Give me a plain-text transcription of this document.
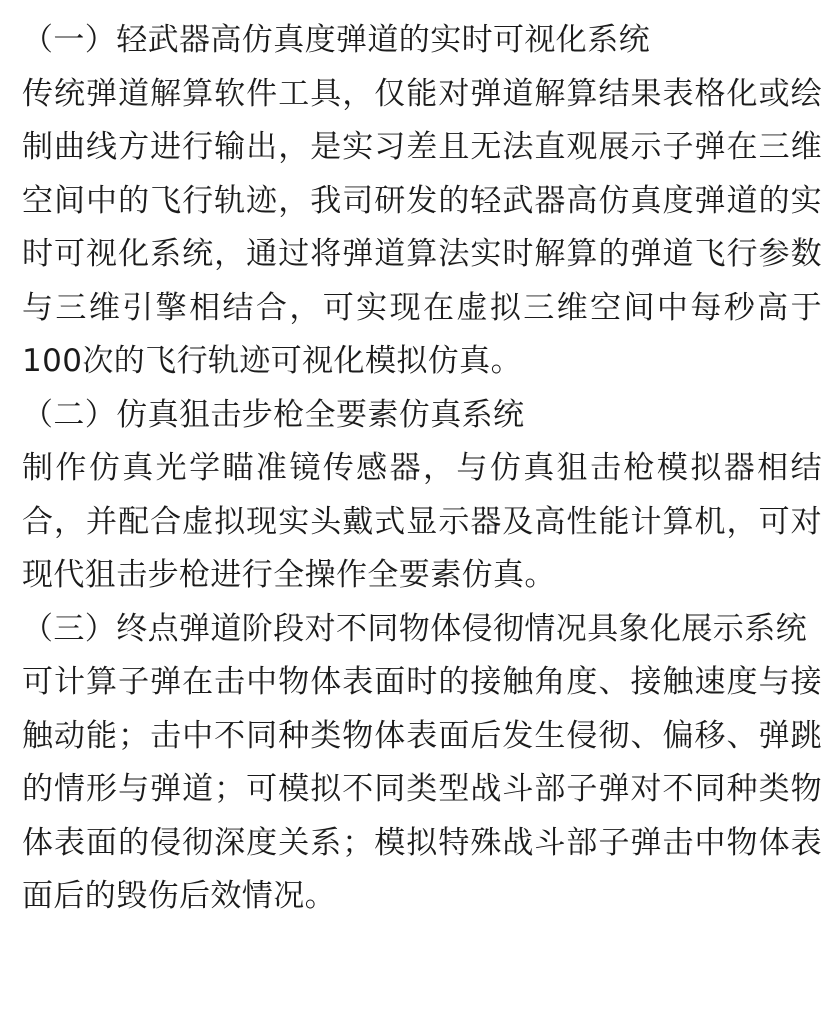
（一）轻武器高仿真度弹道的实时可视化系统

传统弹道解算软件工具，仅能对弹道解算结果表格化或绘制曲线方进行输出，是实习差且无法直观展示子弹在三维空间中的飞行轨迹，我司研发的轻武器高仿真度弹道的实时可视化系统，通过将弹道算法实时解算的弹道飞行参数与三维引擎相结合，可实现在虚拟三维空间中每秒高于100次的飞行轨迹可视化模拟仿真。

（二）仿真狙击步枪全要素仿真系统

制作仿真光学瞄准镜传感器，与仿真狙击枪模拟器相结合，并配合虚拟现实头戴式显示器及高性能计算机，可对现代狙击步枪进行全操作全要素仿真。

（三）终点弹道阶段对不同物体侵彻情况具象化展示系统

可计算子弹在击中物体表面时的接触角度、接触速度与接触动能；击中不同种类物体表面后发生侵彻、偏移、弹跳的情形与弹道；可模拟不同类型战斗部子弹对不同种类物体表面的侵彻深度关系；模拟特殊战斗部子弹击中物体表面后的毁伤后效情况。
